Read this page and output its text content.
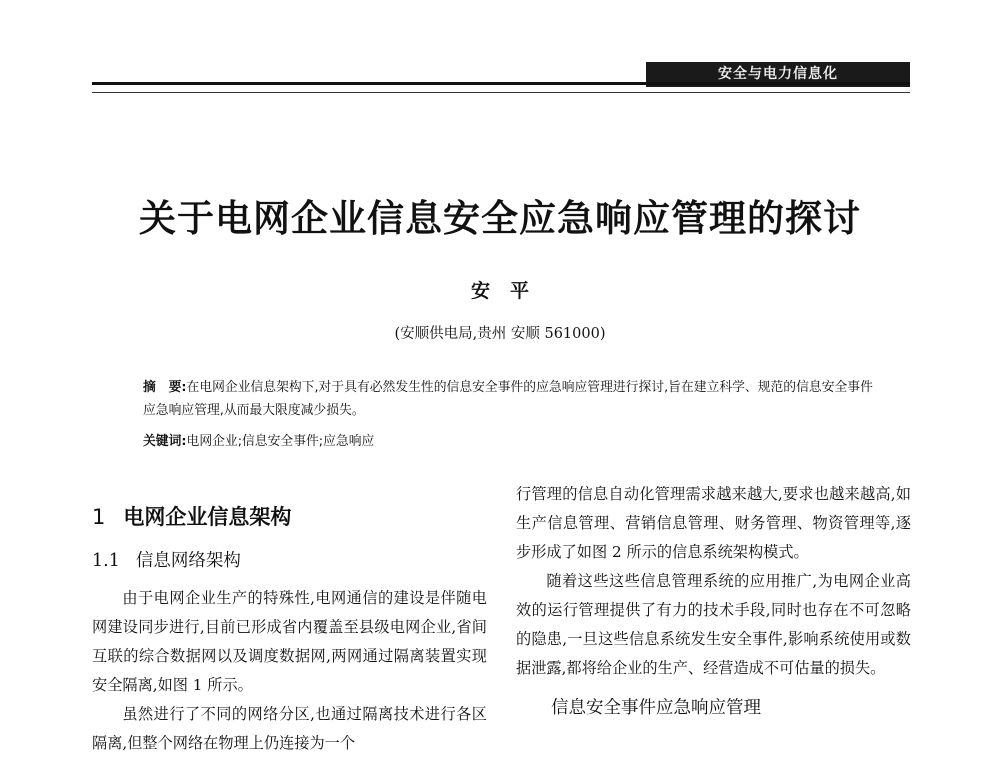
安全与电力信息化
关于电网企业信息安全应急响应管理的探讨
安平
(安顺供电局,贵州 安顺 561000)
摘　要:在电网企业信息架构下,对于具有必然发生性的信息安全事件的应急响应管理进行探讨,旨在建立科学、规范的信息安全事件应急响应管理,从而最大限度减少损失。
关键词:电网企业;信息安全事件;应急响应
1 电网企业信息架构
1.1 信息网络架构

由于电网企业生产的特殊性,电网通信的建设是伴随电网建设同步进行,目前已形成省内覆盖至县级电网企业,省间互联的综合数据网以及调度数据网,两网通过隔离装置实现安全隔离,如图 1 所示。

虽然进行了不同的网络分区,也通过隔离技术进行各区隔离,但整个网络在物理上仍连接为一个

行管理的信息自动化管理需求越来越大,要求也越来越高,如生产信息管理、营销信息管理、财务管理、物资管理等,逐步形成了如图 2 所示的信息系统架构模式。

随着这些这些信息管理系统的应用推广,为电网企业高效的运行管理提供了有力的技术手段,同时也存在不可忽略的隐患,一旦这些信息系统发生安全事件,影响系统使用或数据泄露,都将给企业的生产、经营造成不可估量的损失。

　　信息安全事件应急响应管理
